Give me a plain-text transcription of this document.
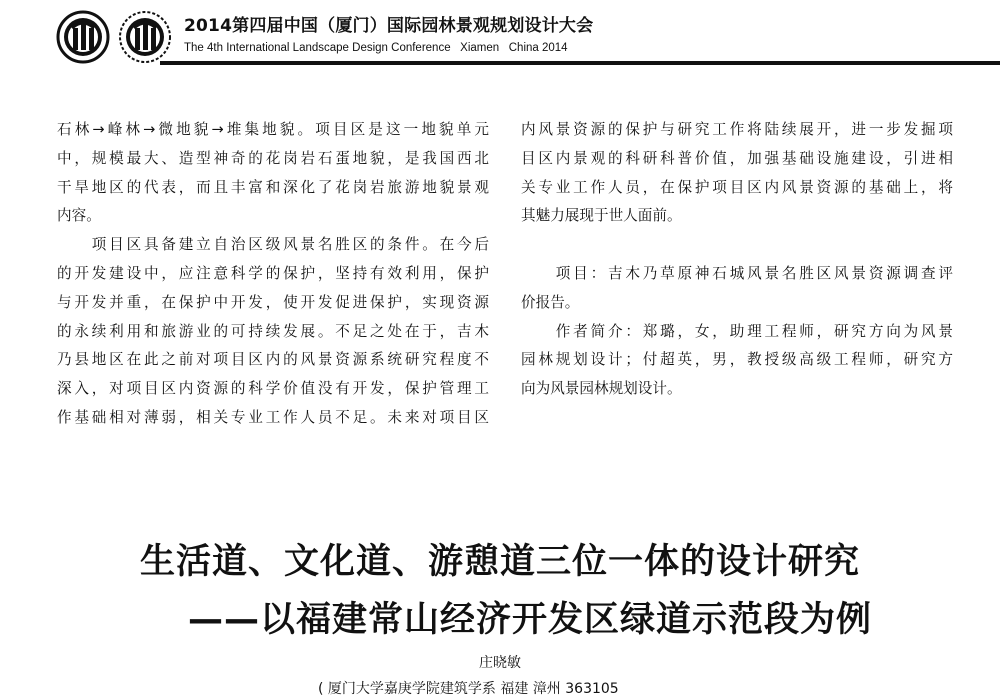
2014第四届中国（厦门）国际园林景观规划设计大会
The 4th International Landscape Design Conference   Xiamen   China 2014
石林→峰林→微地貌→堆集地貌。项目区是这一地貌单元
中，规模最大、造型神奇的花岗岩石蛋地貌，是我国西北
干旱地区的代表，而且丰富和深化了花岗岩旅游地貌景观
内容。
　　项目区具备建立自治区级风景名胜区的条件。在今后
的开发建设中，应注意科学的保护，坚持有效利用，保护
与开发并重，在保护中开发，使开发促进保护，实现资源
的永续利用和旅游业的可持续发展。不足之处在于，吉木
乃县地区在此之前对项目区内的风景资源系统研究程度不
深入，对项目区内资源的科学价值没有开发，保护管理工
作基础相对薄弱，相关专业工作人员不足。未来对项目区
内风景资源的保护与研究工作将陆续展开，进一步发掘项
目区内景观的科研科普价值，加强基础设施建设，引进相
关专业工作人员，在保护项目区内风景资源的基础上，将
其魅力展现于世人面前。
　　项目：吉木乃草原神石城风景名胜区风景资源调查评
价报告。
　　作者简介：郑璐，女，助理工程师，研究方向为风景
园林规划设计；付超英，男，教授级高级工程师，研究方
向为风景园林规划设计。
生活道、文化道、游憩道三位一体的设计研究
——以福建常山经济开发区绿道示范段为例
庄晓敏
( 厦门大学嘉庚学院建筑学系 福建 漳州 363105
